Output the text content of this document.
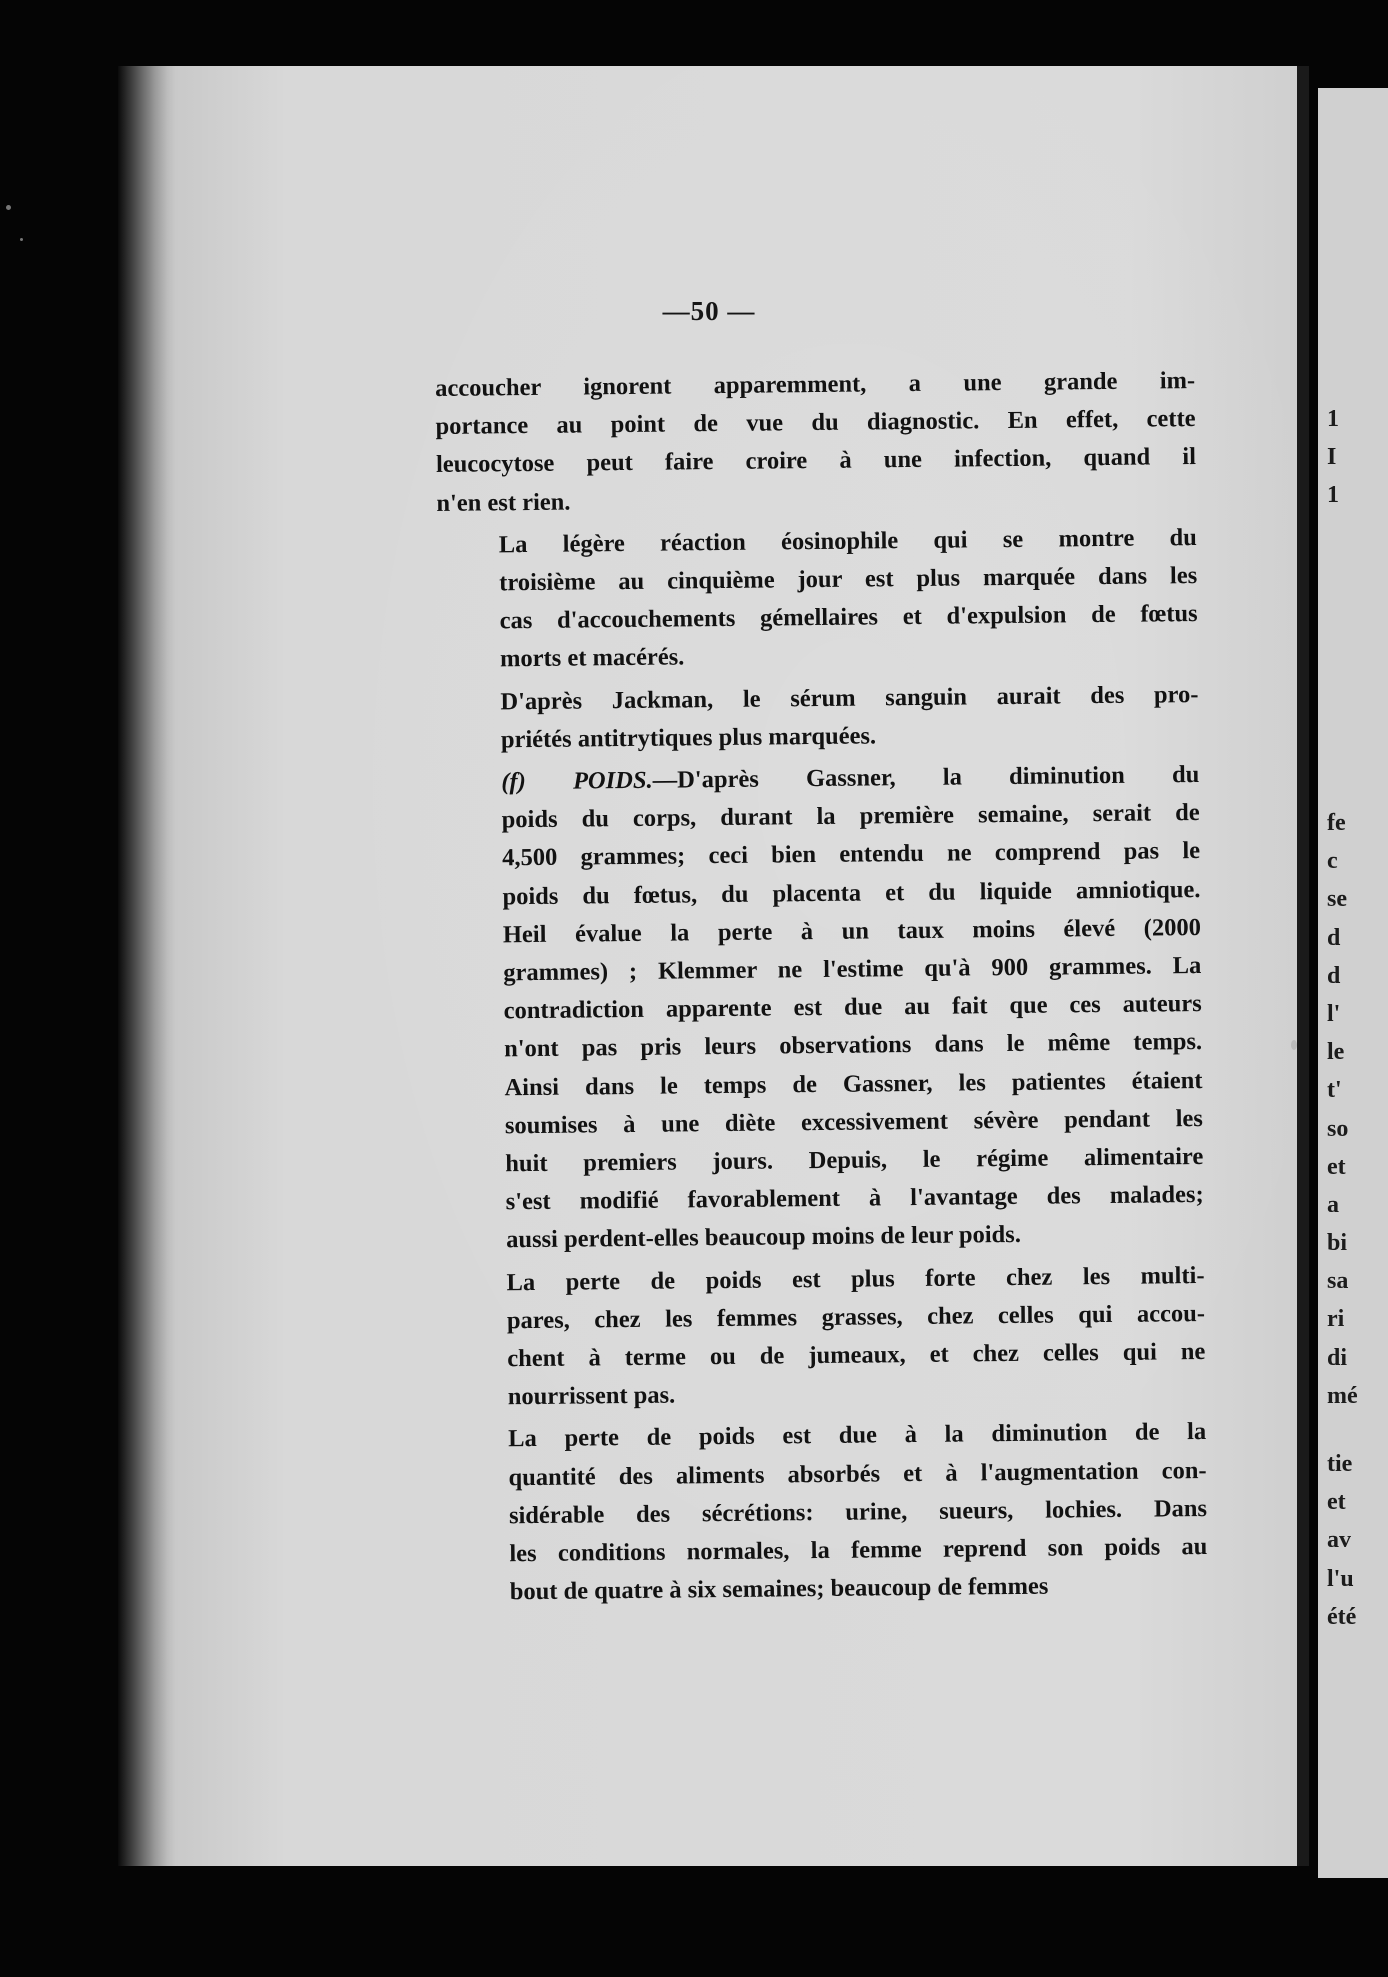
1
I
1
fe
c
se
d
d
l'
le
t'
so
et
a
bi
sa
ri
di
mé
tie
et
av
l'u
été
—50 —

accoucher ignorent apparemment, a une grande im-
portance au point de vue du diagnostic. En effet, cette
leucocytose peut faire croire à une infection, quand il
n'en est rien.

La légère réaction éosinophile qui se montre du
troisième au cinquième jour est plus marquée dans les
cas d'accouchements gémellaires et d'expulsion de fœtus
morts et macérés.

D'après Jackman, le sérum sanguin aurait des pro-
priétés antitrytiques plus marquées.

(f) POIDS.—D'après Gassner, la diminution du
poids du corps, durant la première semaine, serait de
4,500 grammes; ceci bien entendu ne comprend pas le
poids du fœtus, du placenta et du liquide amniotique.
Heil évalue la perte à un taux moins élevé (2000
grammes) ; Klemmer ne l'estime qu'à 900 grammes. La
contradiction apparente est due au fait que ces auteurs
n'ont pas pris leurs observations dans le même temps.
Ainsi dans le temps de Gassner, les patientes étaient
soumises à une diète excessivement sévère pendant les
huit premiers jours. Depuis, le régime alimentaire
s'est modifié favorablement à l'avantage des malades;
aussi perdent-elles beaucoup moins de leur poids.

La perte de poids est plus forte chez les multi-
pares, chez les femmes grasses, chez celles qui accou-
chent à terme ou de jumeaux, et chez celles qui ne
nourrissent pas.

La perte de poids est due à la diminution de la
quantité des aliments absorbés et à l'augmentation con-
sidérable des sécrétions: urine, sueurs, lochies. Dans
les conditions normales, la femme reprend son poids au
bout de quatre à six semaines; beaucoup de femmes
